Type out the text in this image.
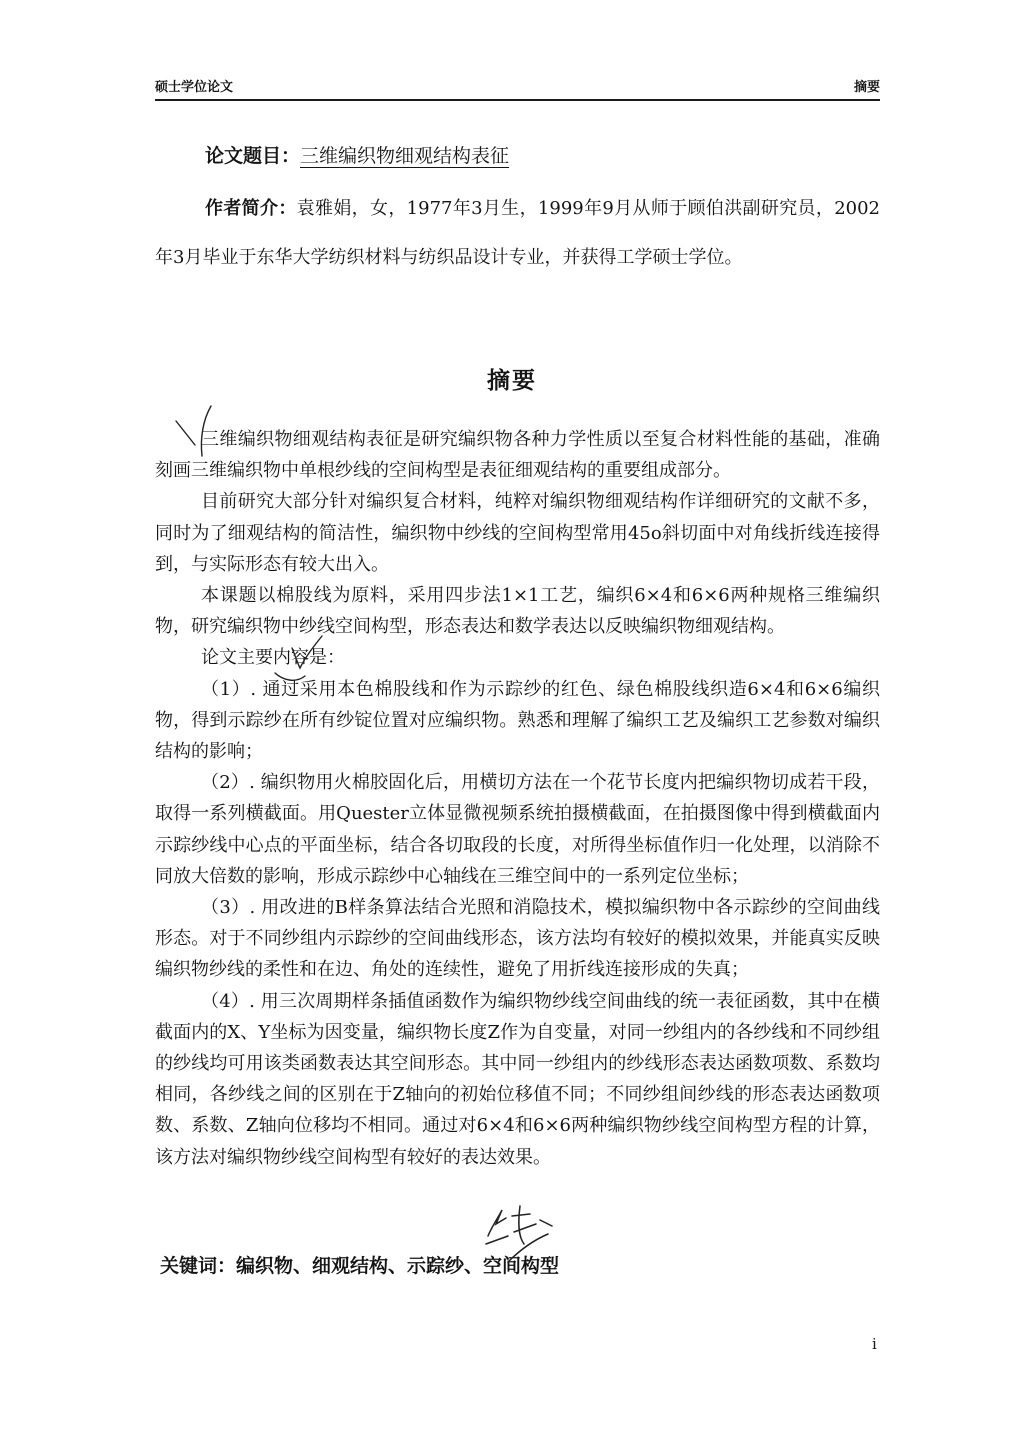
硕士学位论文	摘要
论文题目：三维编织物细观结构表征
作者简介：袁雅娟，女，1977年3月生，1999年9月从师于顾伯洪副研究员，2002年3月毕业于东华大学纺织材料与纺织品设计专业，并获得工学硕士学位。
摘要

三维编织物细观结构表征是研究编织物各种力学性质以至复合材料性能的基础，准确刻画三维编织物中单根纱线的空间构型是表征细观结构的重要组成部分。

目前研究大部分针对编织复合材料，纯粹对编织物细观结构作详细研究的文献不多，同时为了细观结构的简洁性，编织物中纱线的空间构型常用45o斜切面中对角线折线连接得到，与实际形态有较大出入。

本课题以棉股线为原料，采用四步法1×1工艺，编织6×4和6×6两种规格三维编织物，研究编织物中纱线空间构型，形态表达和数学表达以反映编织物细观结构。

论文主要内容是：

（1）. 通过采用本色棉股线和作为示踪纱的红色、绿色棉股线织造6×4和6×6编织物，得到示踪纱在所有纱锭位置对应编织物。熟悉和理解了编织工艺及编织工艺参数对编织结构的影响；

（2）. 编织物用火棉胶固化后，用横切方法在一个花节长度内把编织物切成若干段，取得一系列横截面。用Quester立体显微视频系统拍摄横截面，在拍摄图像中得到横截面内示踪纱线中心点的平面坐标，结合各切取段的长度，对所得坐标值作归一化处理，以消除不同放大倍数的影响，形成示踪纱中心轴线在三维空间中的一系列定位坐标；

（3）. 用改进的B样条算法结合光照和消隐技术，模拟编织物中各示踪纱的空间曲线形态。对于不同纱组内示踪纱的空间曲线形态，该方法均有较好的模拟效果，并能真实反映编织物纱线的柔性和在边、角处的连续性，避免了用折线连接形成的失真；

（4）. 用三次周期样条插值函数作为编织物纱线空间曲线的统一表征函数，其中在横截面内的X、Y坐标为因变量，编织物长度Z作为自变量，对同一纱组内的各纱线和不同纱组的纱线均可用该类函数表达其空间形态。其中同一纱组内的纱线形态表达函数项数、系数均相同，各纱线之间的区别在于Z轴向的初始位移值不同；不同纱组间纱线的形态表达函数项数、系数、Z轴向位移均不相同。通过对6×4和6×6两种编织物纱线空间构型方程的计算，该方法对编织物纱线空间构型有较好的表达效果。

关键词：编织物、细观结构、示踪纱、空间构型
i
